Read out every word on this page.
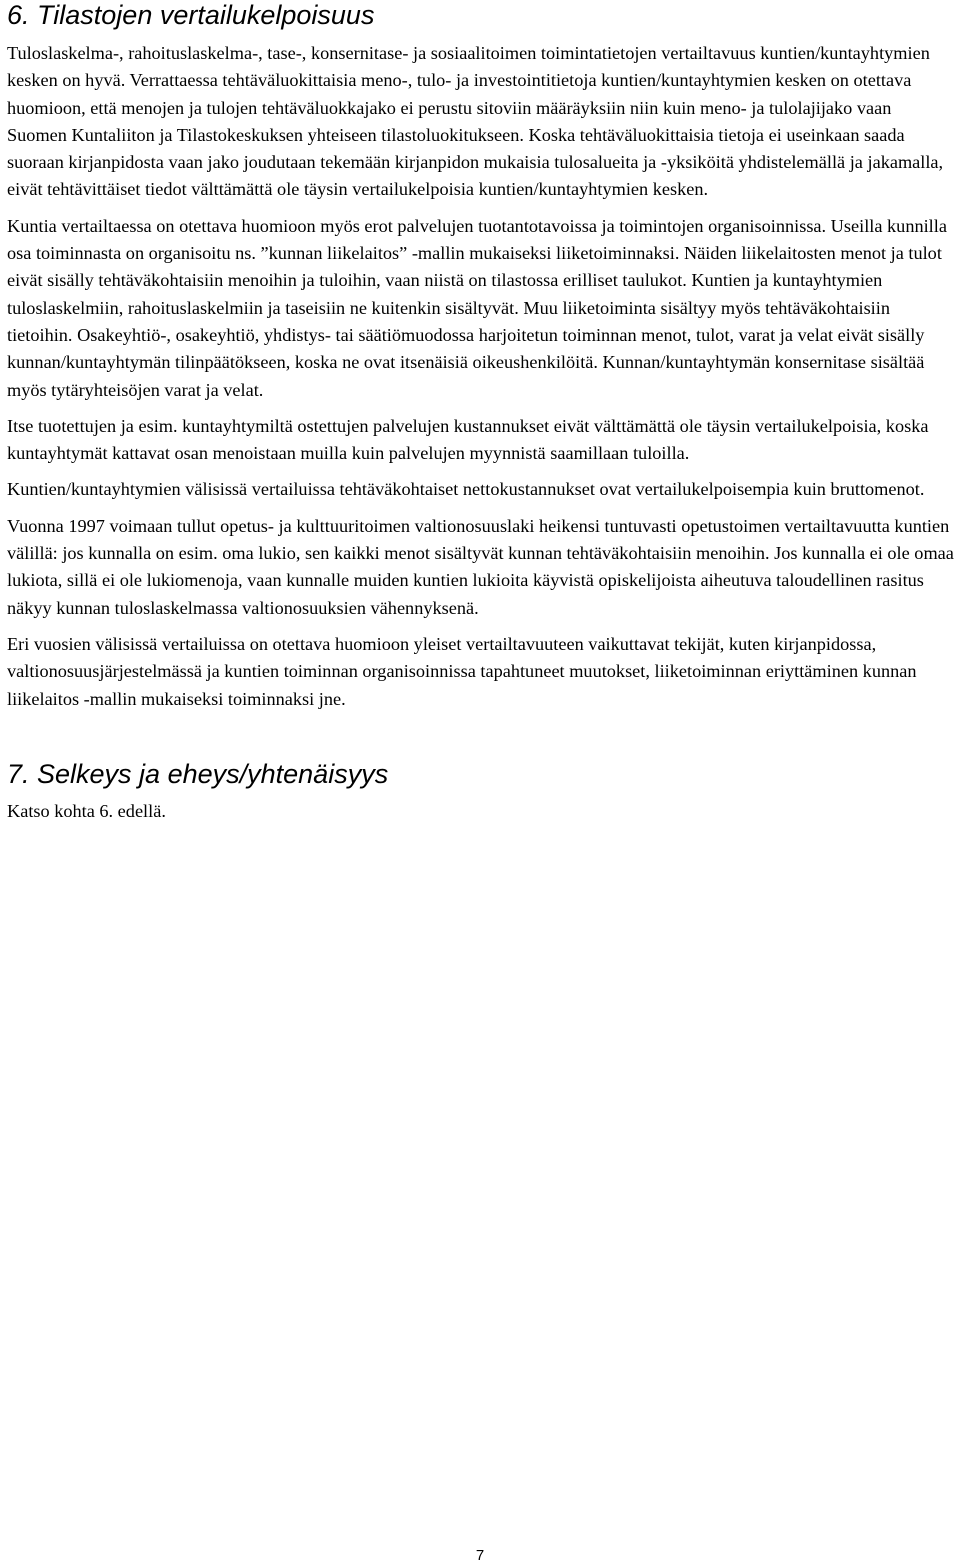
6. Tilastojen vertailukelpoisuus

Tuloslaskelma-, rahoituslaskelma-, tase-, konsernitase- ja sosiaalitoimen toimintatietojen vertailtavuus kuntien/kuntayhtymien kesken on hyvä. Verrattaessa tehtäväluokittaisia meno-, tulo- ja investointitietoja kuntien/kuntayhtymien kesken on otettava huomioon, että menojen ja tulojen tehtäväluokkajako ei perustu sitoviin määräyksiin niin kuin meno- ja tulolajijako vaan Suomen Kuntaliiton ja Tilastokeskuksen yhteiseen tilastoluokitukseen. Koska tehtäväluokittaisia tietoja ei useinkaan saada suoraan kirjanpidosta vaan jako joudutaan tekemään kirjanpidon mukaisia tulosalueita ja -yksiköitä yhdistelemällä ja jakamalla, eivät tehtävittäiset tiedot välttämättä ole täysin vertailukelpoisia kuntien/kuntayhtymien kesken.

Kuntia vertailtaessa on otettava huomioon myös erot palvelujen tuotantotavoissa ja toimintojen organisoinnissa. Useilla kunnilla osa toiminnasta on organisoitu ns. ”kunnan liikelaitos” -mallin mukaiseksi liiketoiminnaksi. Näiden liikelaitosten menot ja tulot eivät sisälly tehtäväkohtaisiin menoihin ja tuloihin, vaan niistä on tilastossa erilliset taulukot. Kuntien ja kuntayhtymien tuloslaskelmiin, rahoituslaskelmiin ja taseisiin ne kuitenkin sisältyvät. Muu liiketoiminta sisältyy myös tehtäväkohtaisiin tietoihin. Osakeyhtiö-, osakeyhtiö, yhdistys- tai säätiömuodossa harjoitetun toiminnan menot, tulot, varat ja velat eivät sisälly kunnan/kuntayhtymän tilinpäätökseen, koska ne ovat itsenäisiä oikeushenkilöitä. Kunnan/kuntayhtymän konsernitase sisältää myös tytäryhteisöjen varat ja velat.

Itse tuotettujen ja esim. kuntayhtymiltä ostettujen palvelujen kustannukset eivät välttämättä ole täysin vertailukelpoisia, koska kuntayhtymät kattavat osan menoistaan muilla kuin palvelujen myynnistä saamillaan tuloilla.

Kuntien/kuntayhtymien välisissä vertailuissa tehtäväkohtaiset nettokustannukset ovat vertailukelpoisempia kuin bruttomenot.

Vuonna 1997 voimaan tullut opetus- ja kulttuuritoimen valtionosuuslaki heikensi tuntuvasti opetustoimen vertailtavuutta kuntien välillä: jos kunnalla on esim. oma lukio, sen kaikki menot sisältyvät kunnan tehtäväkohtaisiin menoihin. Jos kunnalla ei ole omaa lukiota, sillä ei ole lukiomenoja, vaan kunnalle muiden kuntien lukioita käyvistä opiskelijoista aiheutuva taloudellinen rasitus näkyy kunnan tuloslaskelmassa valtionosuuksien vähennyksenä.

Eri vuosien välisissä vertailuissa on otettava huomioon yleiset vertailtavuuteen vaikuttavat tekijät, kuten kirjanpidossa, valtionosuusjärjestelmässä ja kuntien toiminnan organisoinnissa tapahtuneet muutokset, liiketoiminnan eriyttäminen kunnan liikelaitos -mallin mukaiseksi toiminnaksi jne.

7. Selkeys ja eheys/yhtenäisyys

Katso kohta 6. edellä.

7
